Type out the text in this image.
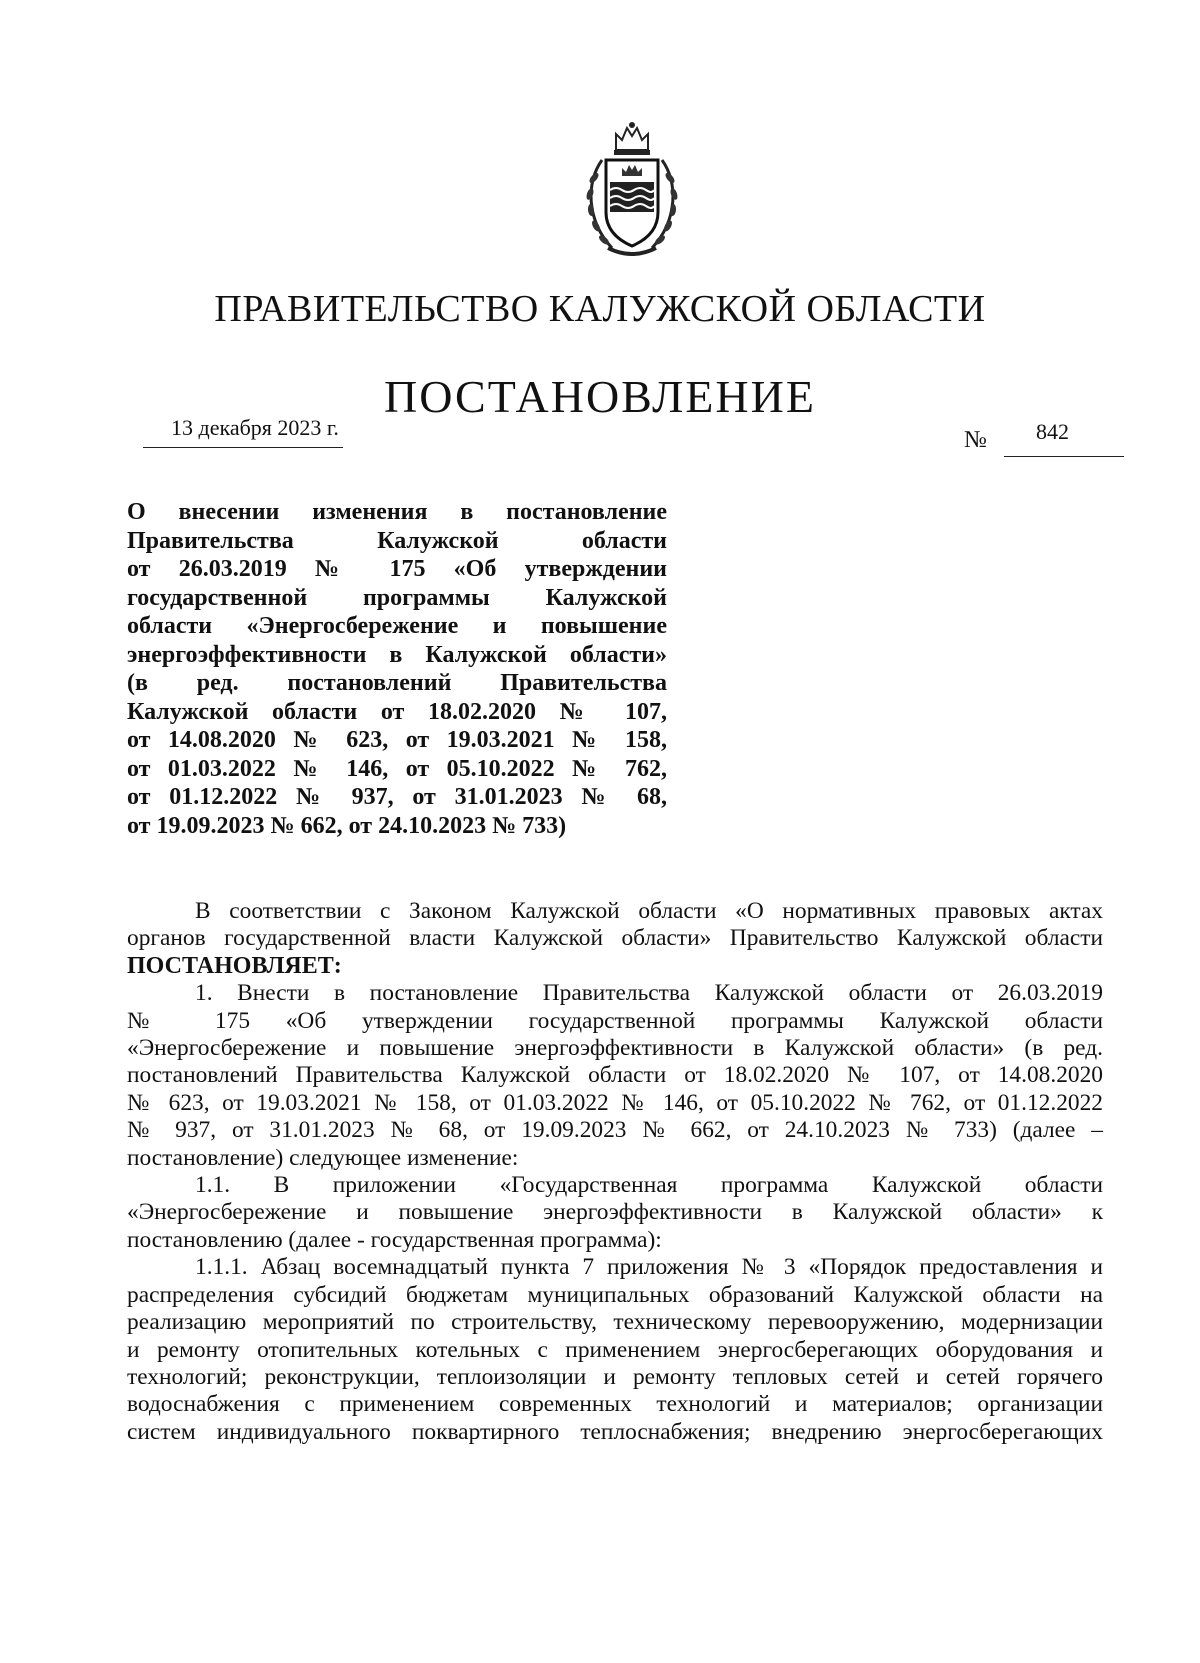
ПРАВИТЕЛЬСТВО КАЛУЖСКОЙ ОБЛАСТИ
ПОСТАНОВЛЕНИЕ
13 декабря 2023 г.	№ 842
О внесении изменения в постановление
Правительства Калужской области
от 26.03.2019 № 175 «Об утверждении
государственной программы Калужской
области «Энергосбережение и повышение
энергоэффективности в Калужской области»
(в ред. постановлений Правительства
Калужской области от 18.02.2020 № 107,
от 14.08.2020 № 623, от 19.03.2021 № 158,
от 01.03.2022 № 146, от 05.10.2022 № 762,
от 01.12.2022 № 937, от 31.01.2023 № 68,
от 19.09.2023 № 662, от 24.10.2023 № 733)
В соответствии с Законом Калужской области «О нормативных правовых актах
органов государственной власти Калужской области» Правительство Калужской области
ПОСТАНОВЛЯЕТ:
1. Внести в постановление Правительства Калужской области от 26.03.2019
№ 175 «Об утверждении государственной программы Калужской области
«Энергосбережение и повышение энергоэффективности в Калужской области» (в ред.
постановлений Правительства Калужской области от 18.02.2020 № 107, от 14.08.2020
№ 623, от 19.03.2021 № 158, от 01.03.2022 № 146, от 05.10.2022 № 762, от 01.12.2022
№ 937, от 31.01.2023 № 68, от 19.09.2023 № 662, от 24.10.2023 № 733) (далее –
постановление) следующее изменение:
1.1. В приложении «Государственная программа Калужской области
«Энергосбережение и повышение энергоэффективности в Калужской области» к
постановлению (далее - государственная программа):
1.1.1. Абзац восемнадцатый пункта 7 приложения № 3 «Порядок предоставления и
распределения субсидий бюджетам муниципальных образований Калужской области на
реализацию мероприятий по строительству, техническому перевооружению, модернизации
и ремонту отопительных котельных с применением энергосберегающих оборудования и
технологий; реконструкции, теплоизоляции и ремонту тепловых сетей и сетей горячего
водоснабжения с применением современных технологий и материалов; организации
систем индивидуального поквартирного теплоснабжения; внедрению энергосберегающих
